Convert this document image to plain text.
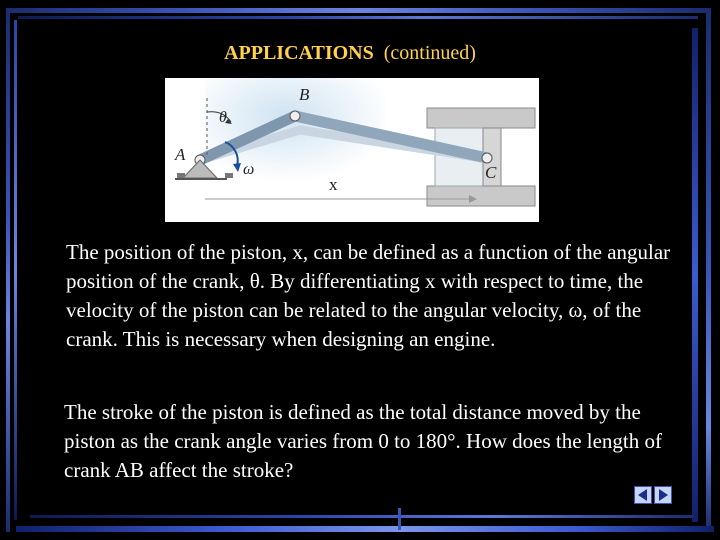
APPLICATIONS (continued)
A
B
C
θ
ω
x
The position of the piston, x, can be defined as a function of the angular position of the crank, θ. By differentiating x with respect to time, the velocity of the piston can be related to the angular velocity, ω, of the crank. This is necessary when designing an engine.
The stroke of the piston is defined as the total distance moved by the piston as the crank angle varies from 0 to 180°. How does the length of crank AB affect the stroke?
